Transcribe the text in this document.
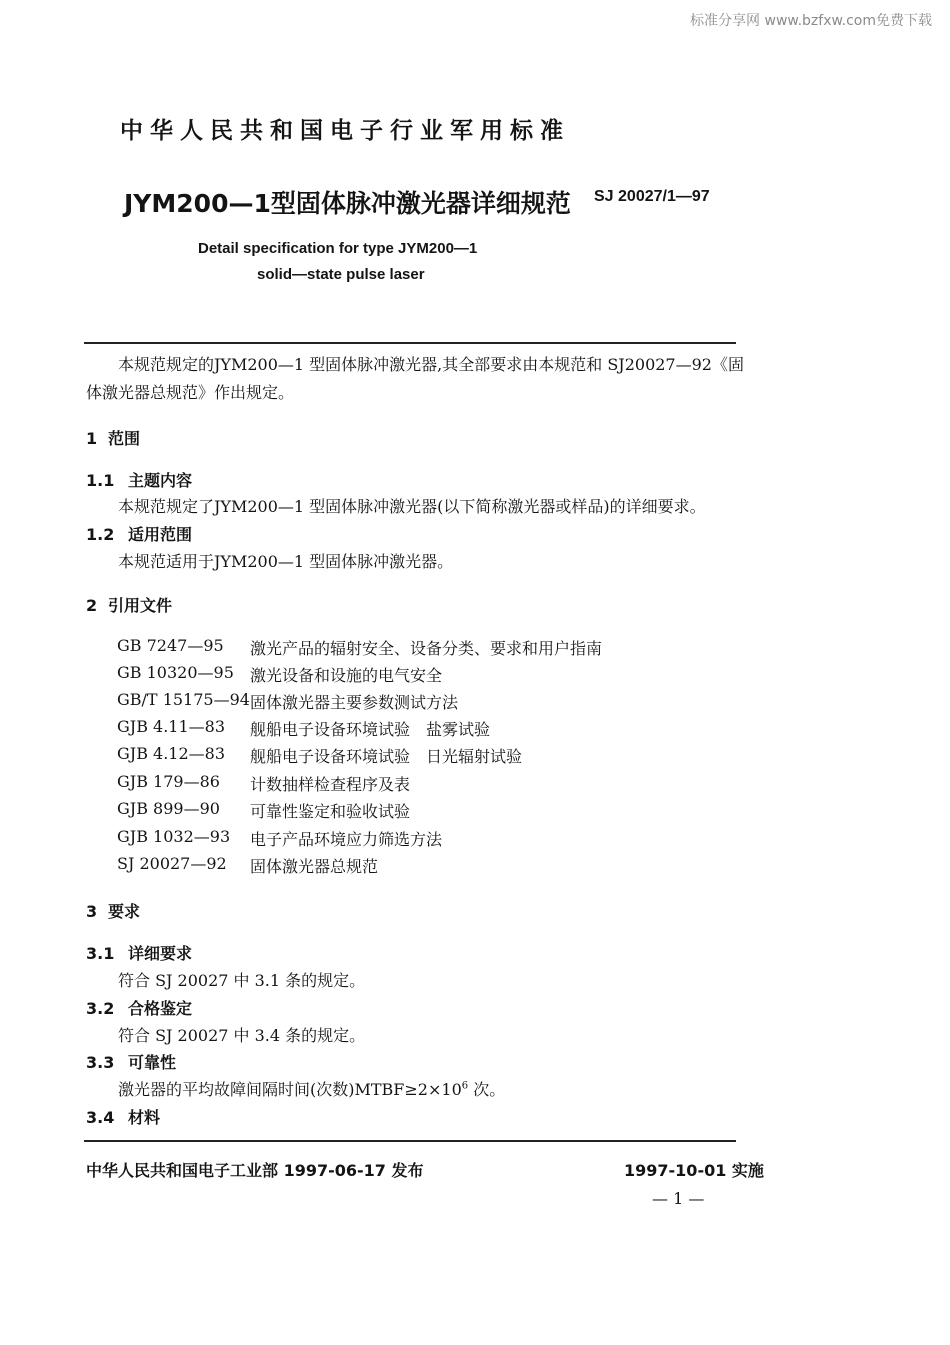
标准分享网 www.bzfxw.com免费下载
中华人民共和国电子行业军用标准
JYM200—1型固体脉冲激光器详细规范 SJ 20027/1—97
Detail specification for type JYM200—1
solid—state pulse laser
本规范规定的JYM200—1 型固体脉冲激光器,其全部要求由本规范和 SJ20027—92《固
体激光器总规范》作出规定。
1 范围
1.1 主题内容
本规范规定了JYM200—1 型固体脉冲激光器(以下简称激光器或样品)的详细要求。
1.2 适用范围
本规范适用于JYM200—1 型固体脉冲激光器。
2 引用文件
GB 7247—95 激光产品的辐射安全、设备分类、要求和用户指南
GB 10320—95 激光设备和设施的电气安全
GB/T 15175—94 固体激光器主要参数测试方法
GJB 4.11—83 舰船电子设备环境试验　盐雾试验
GJB 4.12—83 舰船电子设备环境试验　日光辐射试验
GJB 179—86 计数抽样检查程序及表
GJB 899—90 可靠性鉴定和验收试验
GJB 1032—93 电子产品环境应力筛选方法
SJ 20027—92 固体激光器总规范
3 要求
3.1 详细要求
符合 SJ 20027 中 3.1 条的规定。
3.2 合格鉴定
符合 SJ 20027 中 3.4 条的规定。
3.3 可靠性
激光器的平均故障间隔时间(次数)$MTBF\ge 2\times 10^6$ 次。
3.4 材料
中华人民共和国电子工业部 1997-06-17 发布	1997-10-01 实施
— 1 —
